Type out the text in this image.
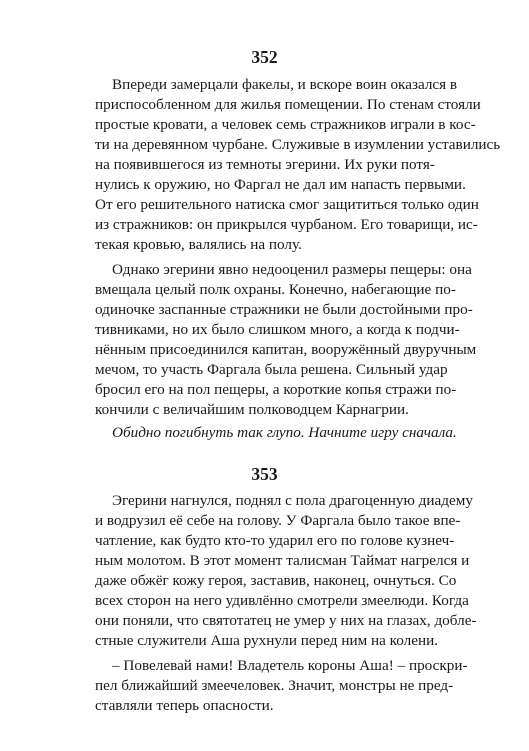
352
Впереди замерцали факелы, и вскоре воин оказался в
приспособленном для жилья помещении. По стенам стояли
простые кровати, а человек семь стражников играли в кос-
ти на деревянном чурбане. Служивые в изумлении уставились
на появившегося из темноты эгерини. Их руки потя-
нулись к оружию, но Фаргал не дал им напасть первыми.
От его решительного натиска смог защититься только один
из стражников: он прикрылся чурбаном. Его товарищи, ис-
текая кровью, валялись на полу.
Однако эгерини явно недооценил размеры пещеры: она
вмещала целый полк охраны. Конечно, набегающие по-
одиночке заспанные стражники не были достойными про-
тивниками, но их было слишком много, а когда к подчи-
нённым присоединился капитан, вооружённый двуручным
мечом, то участь Фаргала была решена. Сильный удар
бросил его на пол пещеры, а короткие копья стражи по-
кончили с величайшим полководцем Карнагрии.
Обидно погибнуть так глупо. Начните игру сначала.
353
Эгерини нагнулся, поднял с пола драгоценную диадему
и водрузил её себе на голову. У Фаргала было такое впе-
чатление, как будто кто-то ударил его по голове кузнеч-
ным молотом. В этот момент талисман Таймат нагрелся и
даже обжёг кожу героя, заставив, наконец, очнуться. Со
всех сторон на него удивлённо смотрели змеелюди. Когда
они поняли, что святотатец не умер у них на глазах, добле-
стные служители Аша рухнули перед ним на колени.
– Повелевай нами! Владетель короны Аша! – проскри-
пел ближайший змеечеловек. Значит, монстры не пред-
ставляли теперь опасности.
